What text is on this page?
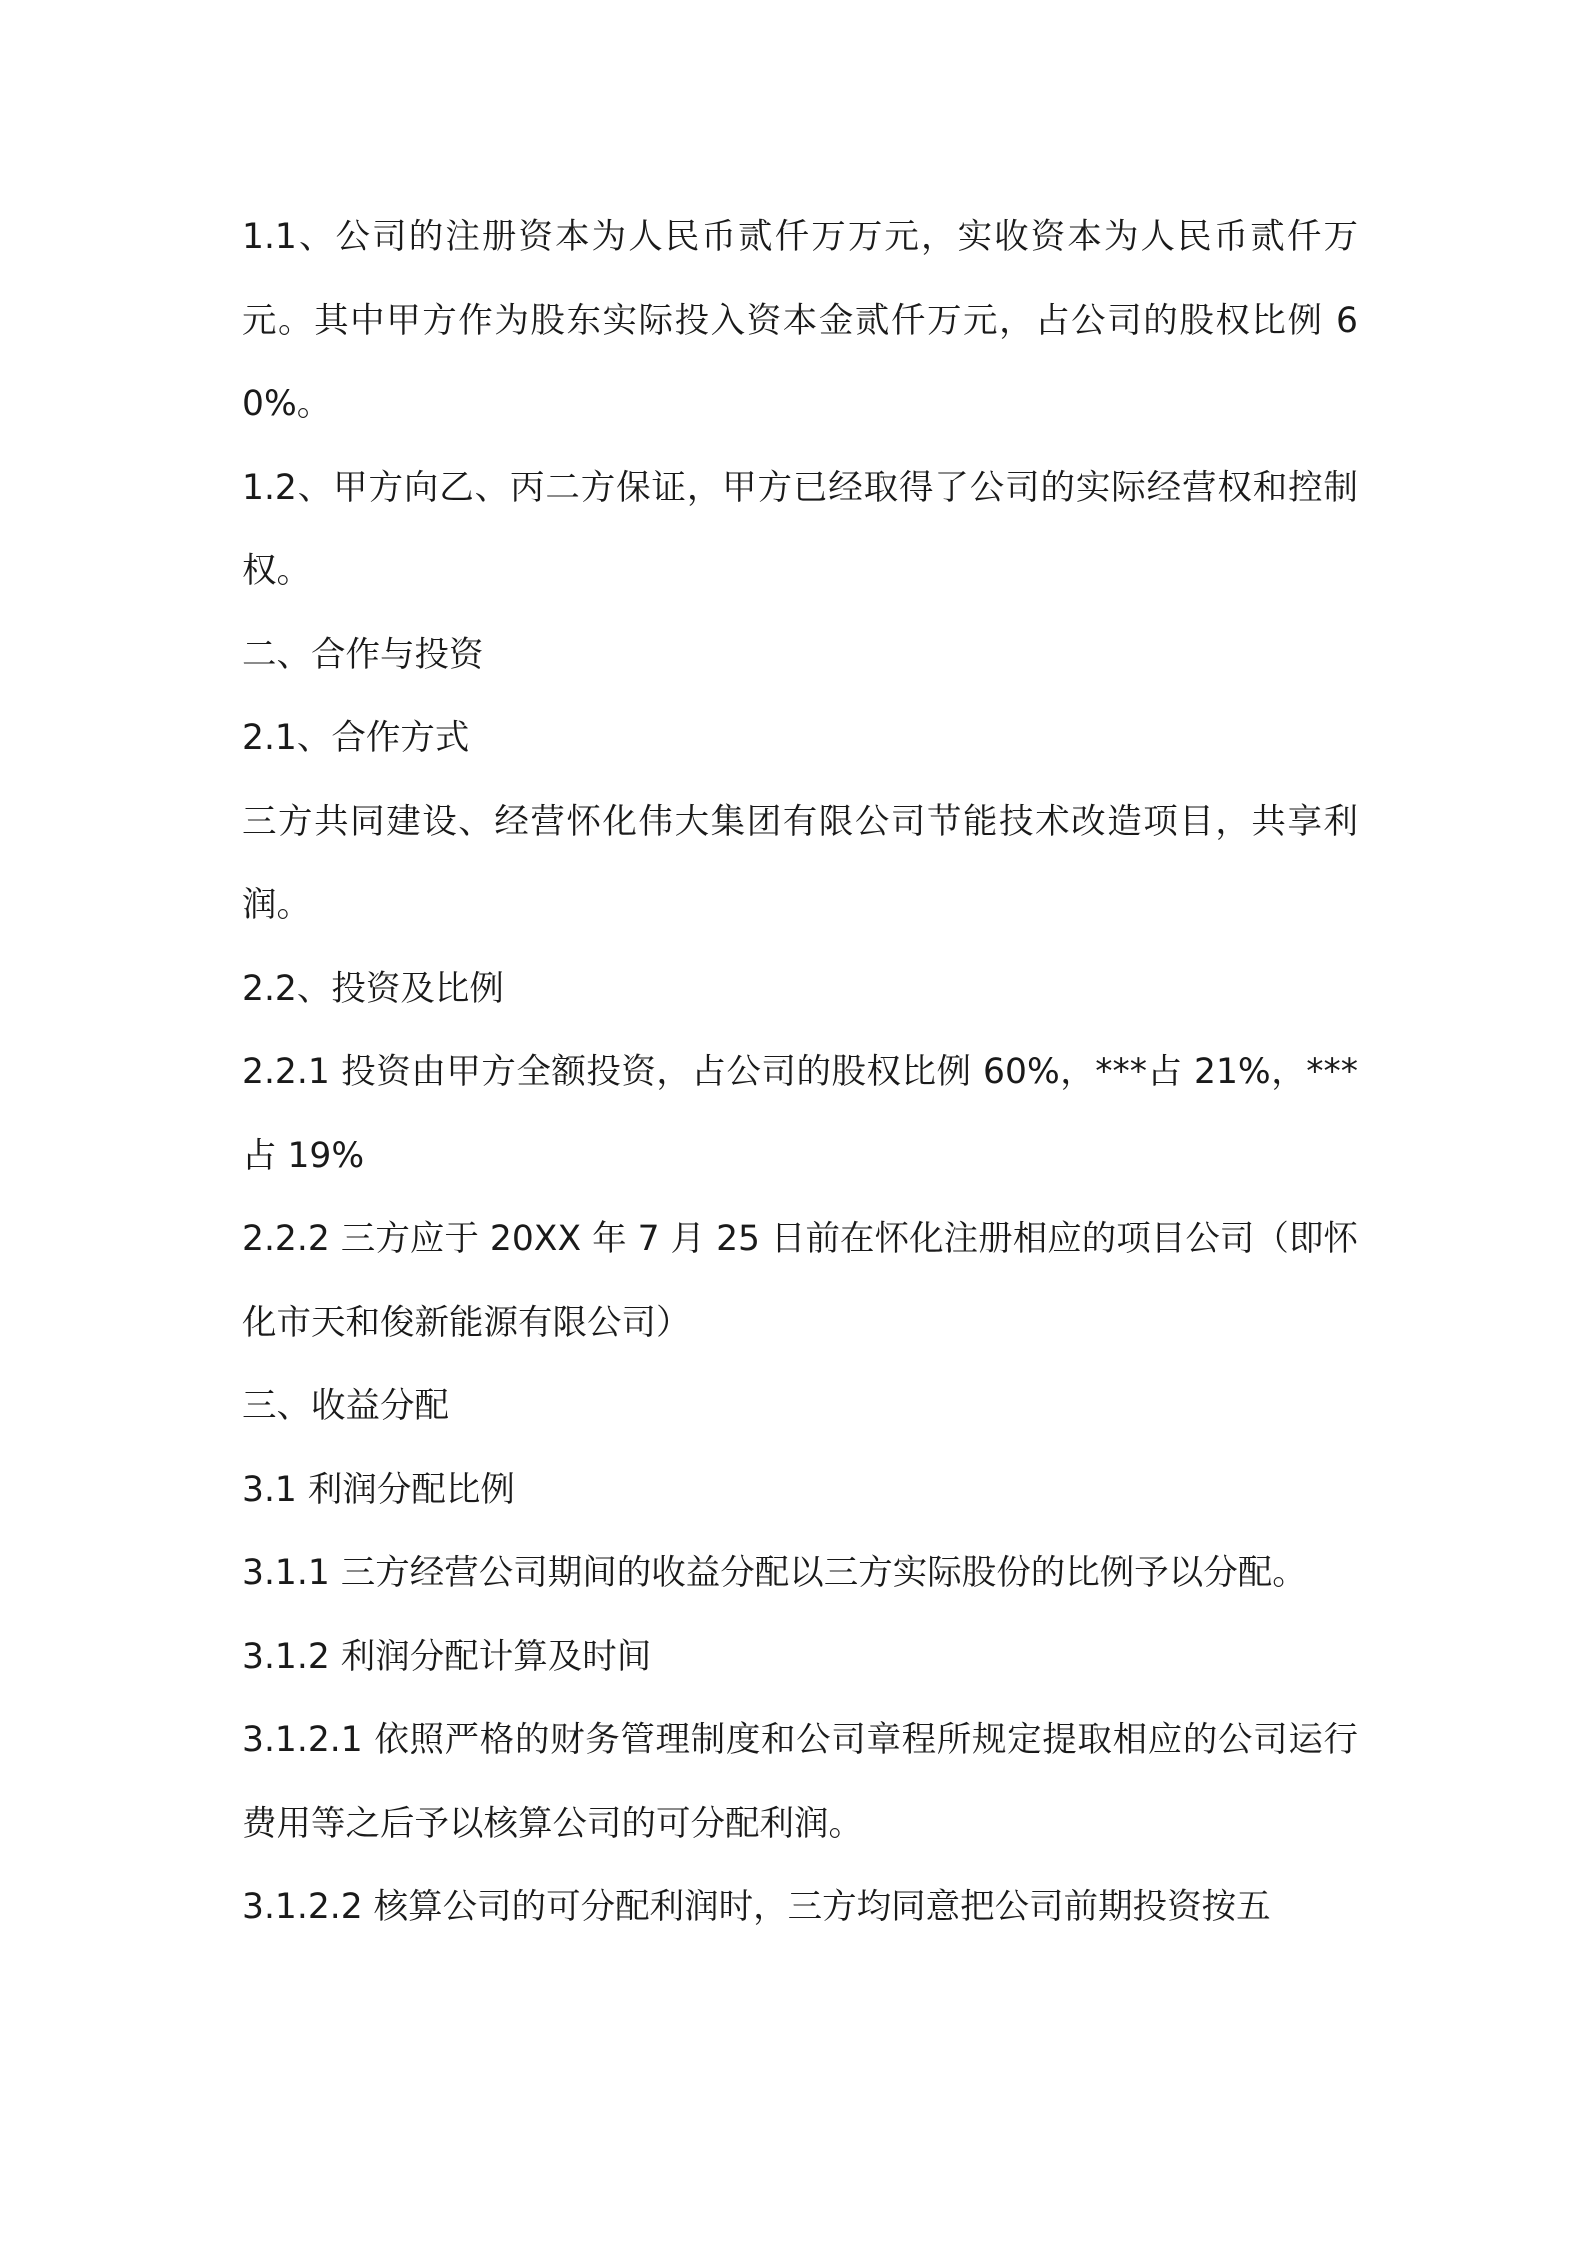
1.1、公司的注册资本为人民币贰仟万万元，实收资本为人民币贰仟万元。其中甲方作为股东实际投入资本金贰仟万元，占公司的股权比例 60%。

1.2、甲方向乙、丙二方保证，甲方已经取得了公司的实际经营权和控制权。

二、合作与投资

2.1、合作方式

三方共同建设、经营怀化伟大集团有限公司节能技术改造项目，共享利润。

2.2、投资及比例

2.2.1 投资由甲方全额投资，占公司的股权比例 60%，***占 21%，***占 19%

2.2.2 三方应于 20XX 年 7 月 25 日前在怀化注册相应的项目公司（即怀化市天和俊新能源有限公司）

三、收益分配

3.1 利润分配比例

3.1.1 三方经营公司期间的收益分配以三方实际股份的比例予以分配。

3.1.2 利润分配计算及时间

3.1.2.1 依照严格的财务管理制度和公司章程所规定提取相应的公司运行费用等之后予以核算公司的可分配利润。

3.1.2.2 核算公司的可分配利润时，三方均同意把公司前期投资按五
